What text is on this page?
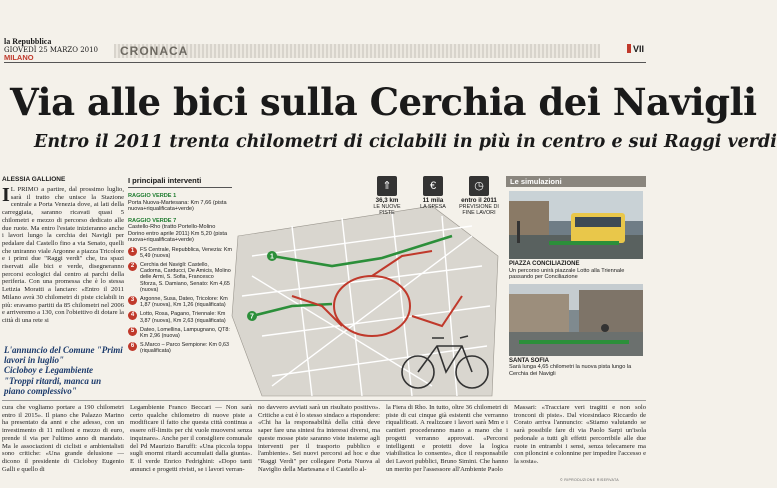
la Repubblica
GIOVEDÌ 25 MARZO 2010
MILANO	CRONACA	VII
Via alle bici sulla Cerchia dei Navigli
Entro il 2011 trenta chilometri di ciclabili in più in centro e sui Raggi verdi
ALESSIA GALLIONE
I L PRIMO a partire, dal prossimo luglio, sarà il tratto che unisce la Stazione centrale a Porta Venezia dove, ai lati della carreggiata, saranno ricavati quasi 5 chilometri e mezzo di percorso dedicato alle due ruote. Ma entro l'estate inizieranno anche i lavori lungo la cerchia dei Navigli per pedalare dal Castello fino a via Senato, quelli che uniranno viale Argonne a piazza Tricolore e i primi due "Raggi verdi" che, tra spazi riservati alle bici e verde, disegneranno percorsi ecologici dal centro ai parchi della periferia. Con una promessa che è lo stessa Letizia Moratti a lanciare: «Entro il 2011 Milano avrà 30 chilometri di piste ciclabili in più: eravamo partiti da 85 chilometri nel 2006 e arriveremo a 130, con l'obiettivo di dotare la città di una rete si
L'annuncio del Comune "Primi lavori in luglio"
Cicloboy e Legambiente
"Troppi ritardi, manca un piano complessivo"
I principali interventi
RAGGIO VERDE 1
Porta Nuova-Martesana: Km 7,66 (pista nuova+riqualificata+verde)
RAGGIO VERDE 7
Castello-Rho (tratto Portello-Molino Dorino entro aprile 2011) Km 5,20 (pista nuova+riqualificata+verde)
1	FS Centrale, Repubblica, Venezia: Km 5,49 (nuova)
2	Cerchia dei Navigli: Castello, Cadorna, Carducci, De Amicis, Molino delle Armi, S. Sofia, Francesco Sforza, S. Damiano, Senato: Km 4,65 (nuova)
3	Argonne, Susa, Dateo, Tricolore: Km 1,87 (nuova), Km 1,26 (riqualificata)
4	Lotto, Rosa, Pagano, Triennale: Km 3,87 (nuova), Km 2,63 (riqualificata)
5	Dateo, Lomellina, Lampugnano, QT8: Km 2,96 (nuova)
6	S.Marco – Parco Sempione: Km 0,63 (riqualificata)
1
7
⇑
36,3 km
LE NUOVE PISTE
€
11 mila
LA SPESA
◷
entro il 2011
PREVISIONE DI FINE LAVORI
Le simulazioni
PIAZZA CONCILIAZIONE
Un percorso unirà piazzale Lotto alla Triennale passando per Conciliazione
SANTA SOFIA
Sarà lunga 4,65 chilometri la nuova pista lungo la Cerchia dei Navigli
cura che vogliamo portare a 190 chilometri entro il 2015». Il piano che Palazzo Marino ha presentato da anni e che adesso, con un investimento di 11 milioni e mezzo di euro, prende il via per l'ultimo anno di mandato. Ma le associazioni di ciclisti e ambientalisti sono critiche: «Una grande delusione — dicono il presidente di Cicloboy Eugenio Galli e quello di
Legambiente Franco Beccari — Non sarà certo qualche chilometro di nuove piste a modificare il fatto che questa città continua a essere off-limits per chi vuole muoversi senza inquinare». Anche per il consigliere comunale del Pd Maurizio Baruffi: «Una piccola toppa sugli enormi ritardi accumulati dalla giunta». E il verde Enrico Fedrighini: «Dopo tanti annunci e progetti rivisti, se i lavori verran-
no davvero avviati sarà un risultato positivo». Critiche a cui è lo stesso sindaco a rispondere: «Chi ha la responsabilità della città deve saper fare una sintesi fra interessi diversi, ma queste mosse piste saranno viste insieme agli interventi per il trasporto pubblico e l'ambiente». Sei nuovi percorsi ad hoc e due "Raggi Verdi" per collegare Porta Nuova al Naviglio della Martesana e il Castello al-
la Fiera di Rho. In tutto, oltre 36 chilometri di piste di cui cinque già esistenti che verranno riqualificati. A realizzare i lavori sarà Mm e i cantieri procederanno mano a mano che i progetti verranno approvati. «Percorsi intelligenti e protetti dove la logica viabilistica lo consente», dice il responsabile dei Lavori pubblici, Bruno Simini. Che hanno un merito per l'assessore all'Ambiente Paolo
Massari: «Tracciare veri tragitti e non solo tronconi di piste». Dal vicesindaco Riccardo de Corato arriva l'annuncio: «Stiamo valutando se sarà possibile fare di via Paolo Sarpi un'isola pedonale a tutti gli effetti percorribile alle due ruote in entrambi i sensi, senza telecamere ma con piloncini e colonnine per impedire l'accesso e la sosta».
© RIPRODUZIONE RISERVATA
